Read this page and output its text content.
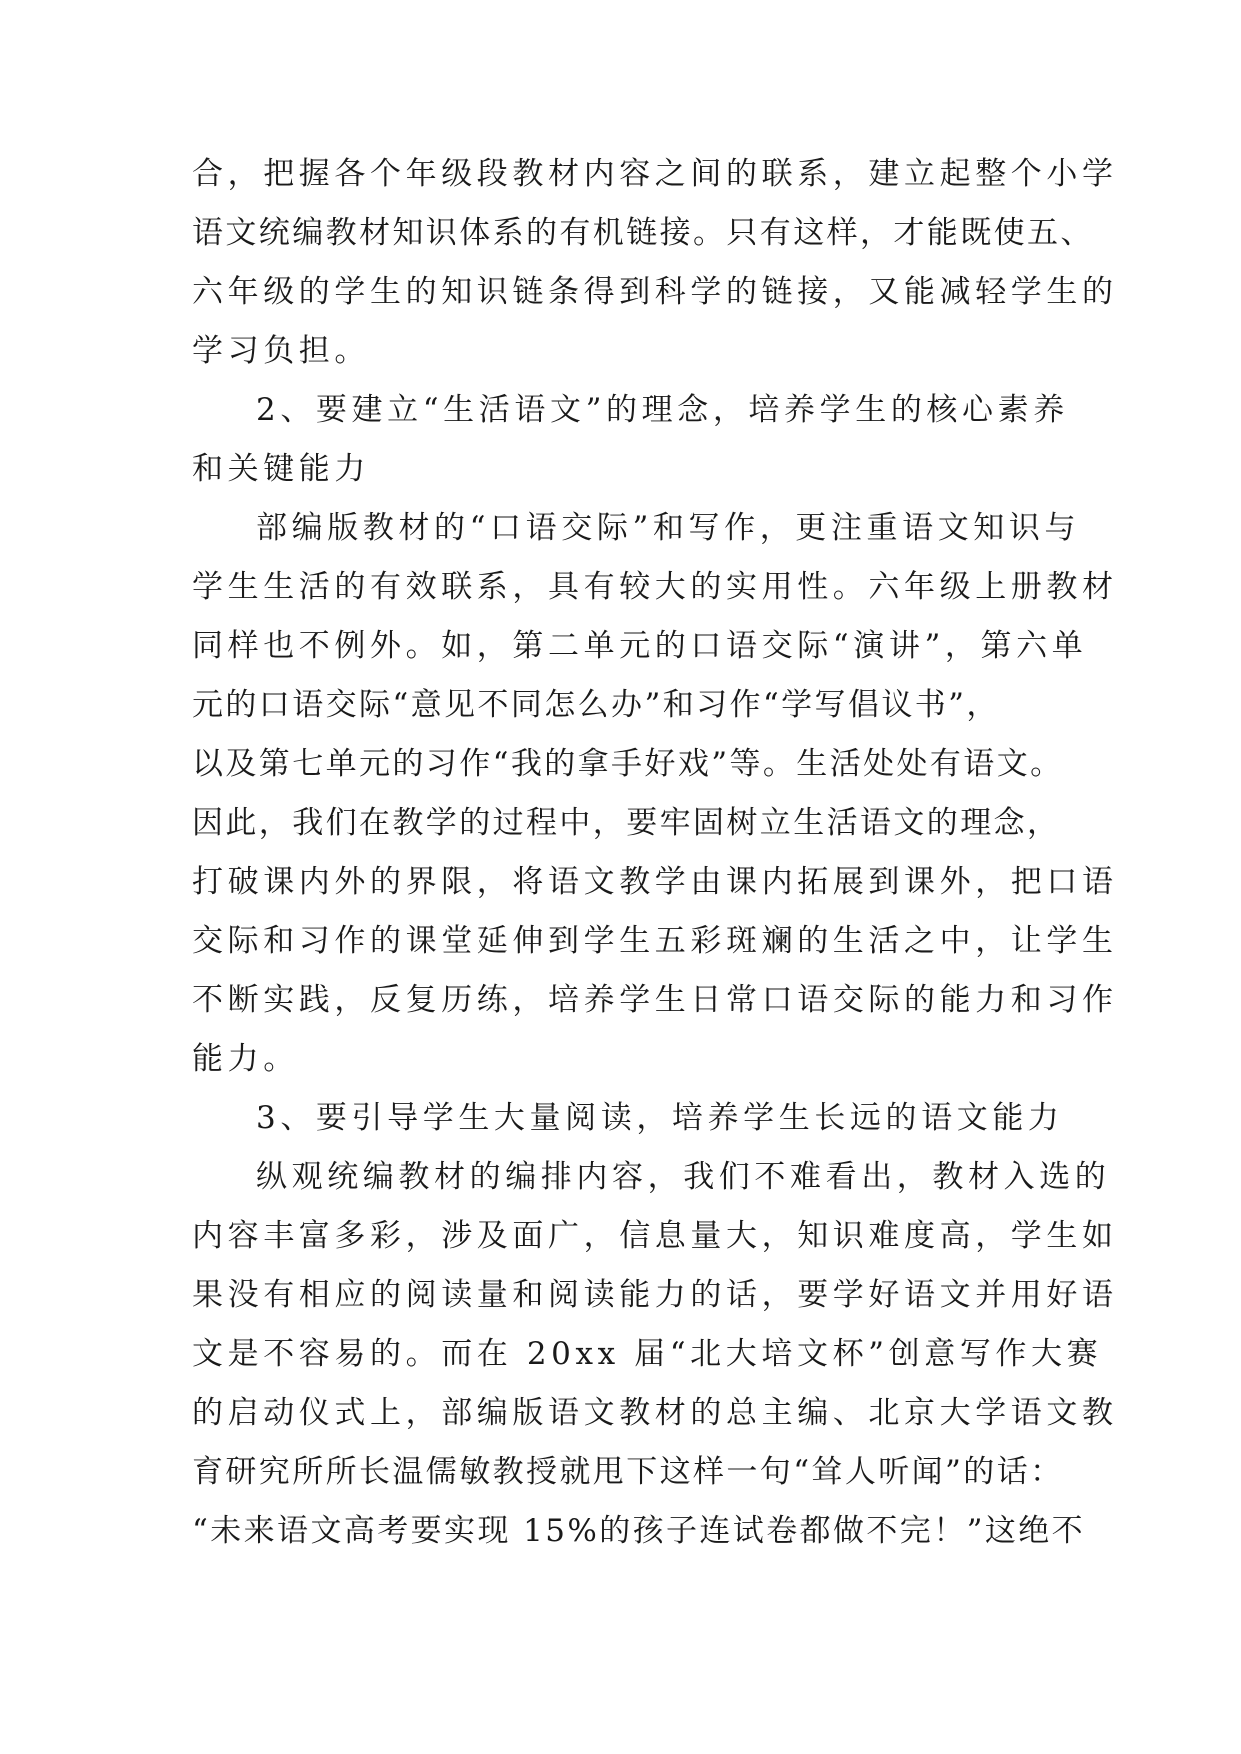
合，把握各个年级段教材内容之间的联系，建立起整个小学
语文统编教材知识体系的有机链接。只有这样，才能既使五、
六年级的学生的知识链条得到科学的链接，又能减轻学生的
学习负担。
2、要建立“生活语文”的理念，培养学生的核心素养
和关键能力
部编版教材的“口语交际”和写作，更注重语文知识与
学生生活的有效联系，具有较大的实用性。六年级上册教材
同样也不例外。如，第二单元的口语交际“演讲”，第六单
元的口语交际“意见不同怎么办”和习作“学写倡议书”，
以及第七单元的习作“我的拿手好戏”等。生活处处有语文。
因此，我们在教学的过程中，要牢固树立生活语文的理念，
打破课内外的界限，将语文教学由课内拓展到课外，把口语
交际和习作的课堂延伸到学生五彩斑斓的生活之中，让学生
不断实践，反复历练，培养学生日常口语交际的能力和习作
能力。
3、要引导学生大量阅读，培养学生长远的语文能力
纵观统编教材的编排内容，我们不难看出，教材入选的
内容丰富多彩，涉及面广，信息量大，知识难度高，学生如
果没有相应的阅读量和阅读能力的话，要学好语文并用好语
文是不容易的。而在 20xx 届“北大培文杯”创意写作大赛
的启动仪式上，部编版语文教材的总主编、北京大学语文教
育研究所所长温儒敏教授就甩下这样一句“耸人听闻”的话：
“未来语文高考要实现 15%的孩子连试卷都做不完！”这绝不
